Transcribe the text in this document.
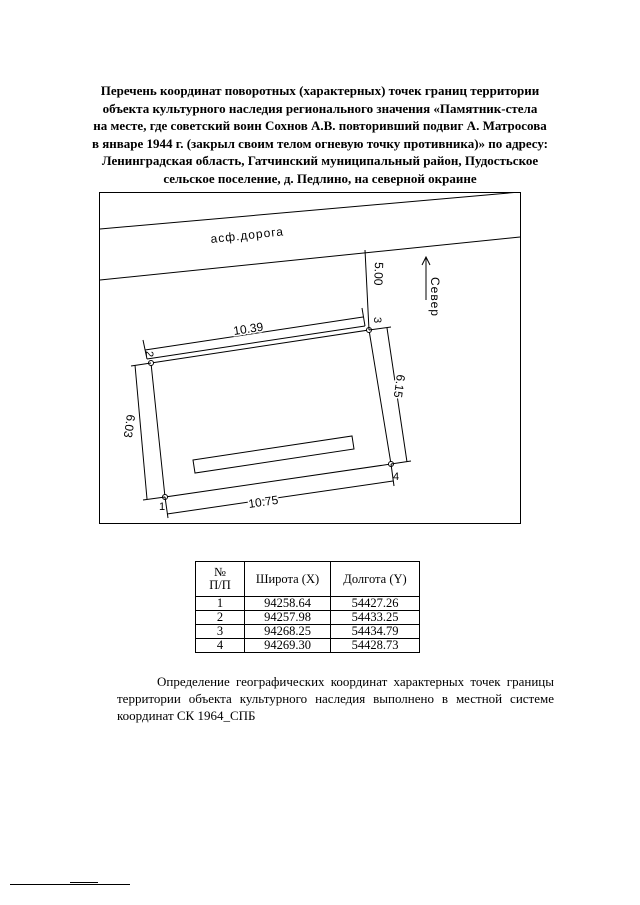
Перечень координат поворотных (характерных) точек границ территории
объекта культурного наследия регионального значения «Памятник-стела
на месте, где советский воин Сохнов А.В. повторивший подвиг А. Матросова
в январе 1944 г. (закрыл своим телом огневую точку противника)» по адресу:
Ленинградская область, Гатчинский муниципальный район, Пудостьское
сельское поселение, д. Педлино, на северной окраине
асф.дорога
Север
1
2
3
4
10.39
10.75
6.03
6.15
5.00
№
П/П	Широта (X)	Долгота (Y)
1	94258.64	54427.26
2	94257.98	54433.25
3	94268.25	54434.79
4	94269.30	54428.73
Определение географических координат характерных точек границы
территории объекта культурного наследия выполнено в местной системе координат СК 1964_СПБ
